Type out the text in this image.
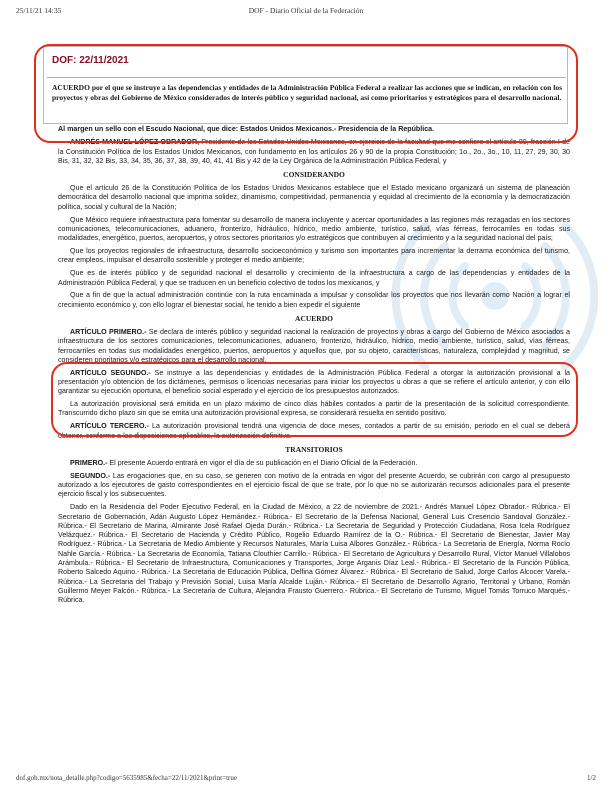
25/11/21 14:35	DOF - Diario Oficial de la Federación
DOF: 22/11/2021
ACUERDO por el que se instruye a las dependencias y entidades de la Administración Pública Federal a realizar las acciones que se indican, en relación con los proyectos y obras del Gobierno de México considerados de interés público y seguridad nacional, así como prioritarios y estratégicos para el desarrollo nacional.

Al margen un sello con el Escudo Nacional, que dice: Estados Unidos Mexicanos.- Presidencia de la República.

ANDRÉS MANUEL LÓPEZ OBRADOR, Presidente de los Estados Unidos Mexicanos, en ejercicio de la facultad que me confiere el artículo 89, fracción I de la Constitución Política de los Estados Unidos Mexicanos, con fundamento en los artículos 26 y 90 de la propia Constitución; 1o., 2o., 3o., 10, 11, 27, 29, 30, 30 Bis, 31, 32, 32 Bis, 33, 34, 35, 36, 37, 38, 39, 40, 41, 41 Bis y 42 de la Ley Orgánica de la Administración Pública Federal, y

CONSIDERANDO

Que el artículo 26 de la Constitución Política de los Estados Unidos Mexicanos establece que el Estado mexicano organizará un sistema de planeación democrática del desarrollo nacional que imprima solidez, dinamismo, competitividad, permanencia y equidad al crecimiento de la economía y la democratización política, social y cultural de la Nación;

Que México requiere infraestructura para fomentar su desarrollo de manera incluyente y acercar oportunidades a las regiones más rezagadas en los sectores comunicaciones, telecomunicaciones, aduanero, fronterizo, hidráulico, hídrico, medio ambiente, turístico, salud, vías férreas, ferrocarriles en todas sus modalidades, energético, puertos, aeropuertos, y otros sectores prioritarios y/o estratégicos que contribuyen al crecimiento y a la seguridad nacional del país;

Que los proyectos regionales de infraestructura, desarrollo socioeconómico y turismo son importantes para incrementar la derrama económica del turismo, crear empleos, impulsar el desarrollo sostenible y proteger el medio ambiente;

Que es de interés público y de seguridad nacional el desarrollo y crecimiento de la infraestructura a cargo de las dependencias y entidades de la Administración Pública Federal, y que se traducen en un beneficio colectivo de todos los mexicanos, y

Que a fin de que la actual administración continúe con la ruta encaminada a impulsar y consolidar los proyectos que nos llevarán como Nación a lograr el crecimiento económico y, con ello lograr el bienestar social, he tenido a bien expedir el siguiente

ACUERDO

ARTÍCULO PRIMERO.- Se declara de interés público y seguridad nacional la realización de proyectos y obras a cargo del Gobierno de México asociados a infraestructura de los sectores comunicaciones, telecomunicaciones, aduanero, fronterizo, hidráulico, hídrico, medio ambiente, turístico, salud, vías férreas, ferrocarriles en todas sus modalidades energético, puertos, aeropuertos y aquellos que, por su objeto, características, naturaleza, complejidad y magnitud, se consideren prioritarios y/o estratégicos para el desarrollo nacional.

ARTÍCULO SEGUNDO.- Se instruye a las dependencias y entidades de la Administración Pública Federal a otorgar la autorización provisional a la presentación y/o obtención de los dictámenes, permisos o licencias necesarias para iniciar los proyectos u obras a que se refiere el artículo anterior, y con ello garantizar su ejecución oportuna, el beneficio social esperado y el ejercicio de los presupuestos autorizados.

La autorización provisional será emitida en un plazo máximo de cinco días hábiles contados a partir de la presentación de la solicitud correspondiente. Transcurrido dicho plazo sin que se emita una autorización provisional expresa, se considerará resuelta en sentido positivo.

ARTÍCULO TERCERO.- La autorización provisional tendrá una vigencia de doce meses, contados a partir de su emisión, periodo en el cual se deberá obtener, conforme a las disposiciones aplicables, la autorización definitiva.

TRANSITORIOS

PRIMERO.- El presente Acuerdo entrará en vigor el día de su publicación en el Diario Oficial de la Federación.

SEGUNDO.- Las erogaciones que, en su caso, se generen con motivo de la entrada en vigor del presente Acuerdo, se cubrirán con cargo al presupuesto autorizado a los ejecutores de gasto correspondientes en el ejercicio fiscal de que se trate, por lo que no se autorizarán recursos adicionales para el presente ejercicio fiscal y los subsecuentes.

Dado en la Residencia del Poder Ejecutivo Federal, en la Ciudad de México, a 22 de noviembre de 2021.- Andrés Manuel López Obrador.- Rúbrica.- El Secretario de Gobernación, Adán Augusto López Hernández.- Rúbrica.- El Secretario de la Defensa Nacional, General Luis Cresencio Sandoval González.- Rúbrica.- El Secretario de Marina, Almirante José Rafael Ojeda Durán.- Rúbrica.- La Secretaria de Seguridad y Protección Ciudadana, Rosa Icela Rodríguez Velázquez.- Rúbrica.- El Secretario de Hacienda y Crédito Público, Rogelio Eduardo Ramírez de la O.- Rúbrica.- El Secretario de Bienestar, Javier May Rodríguez.- Rúbrica.- La Secretaria de Medio Ambiente y Recursos Naturales, María Luisa Albores González.- Rúbrica.- La Secretaria de Energía, Norma Rocío Nahle García.- Rúbrica.- La Secretaria de Economía, Tatiana Clouthier Carrillo.- Rúbrica.- El Secretario de Agricultura y Desarrollo Rural, Víctor Manuel Villalobos Arámbula.- Rúbrica.- El Secretario de Infraestructura, Comunicaciones y Transportes, Jorge Arganis Díaz Leal.- Rúbrica.- El Secretario de la Función Pública, Roberto Salcedo Aquino.- Rúbrica.- La Secretaria de Educación Pública, Delfina Gómez Álvarez.- Rúbrica.- El Secretario de Salud, Jorge Carlos Alcocer Varela.- Rúbrica.- La Secretaria del Trabajo y Previsión Social, Luisa María Alcalde Luján.- Rúbrica.- El Secretario de Desarrollo Agrario, Territorial y Urbano, Román Guillermo Meyer Falcón.- Rúbrica.- La Secretaria de Cultura, Alejandra Frausto Guerrero.- Rúbrica.- El Secretario de Turismo, Miguel Tomás Torruco Marqués.- Rúbrica.

dof.gob.mx/nota_detalle.php?codigo=5635985&fecha=22/11/2021&print=true	1/2
